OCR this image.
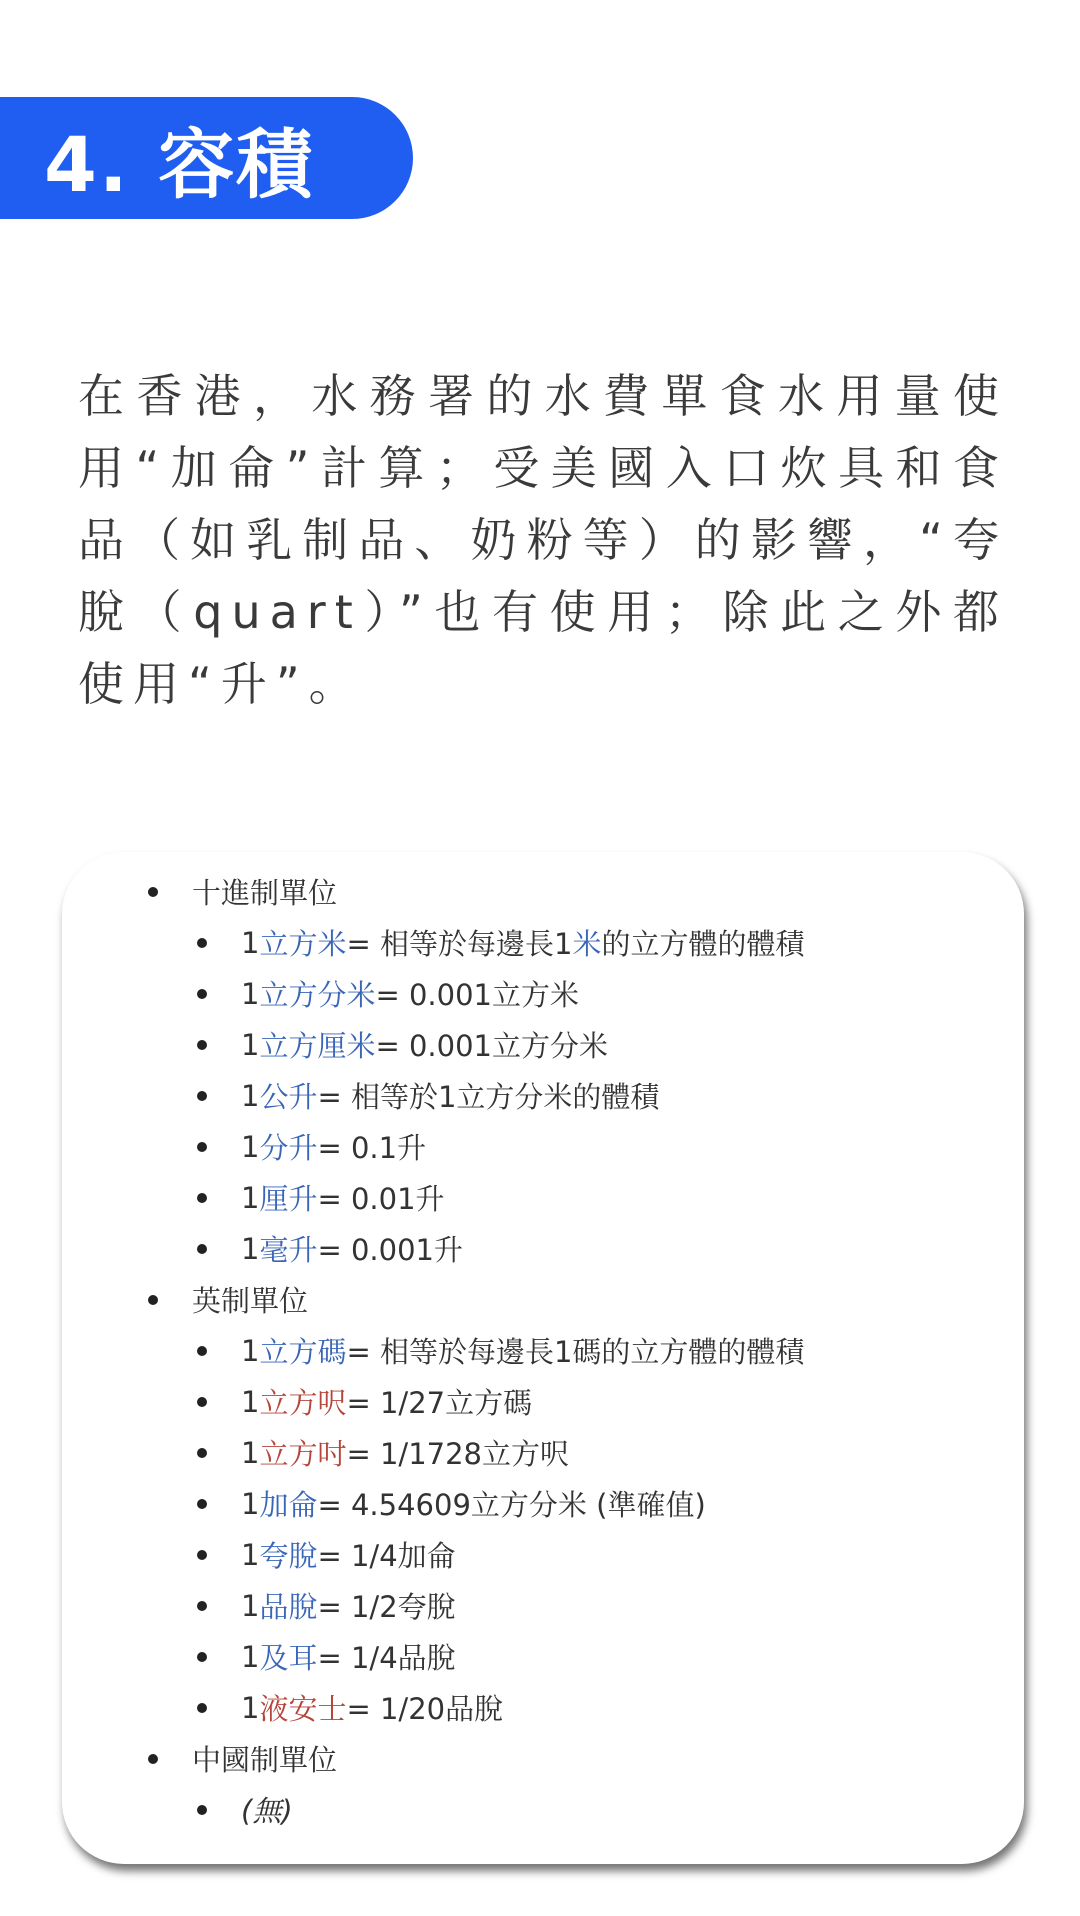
4. 容積

在香港，水務署的水費單食水用量使用“加侖”計算；受美國入口炊具和食品（如乳制品、奶粉等）的影響，“夸脫（quart）”也有使用；除此之外都使用“升”。

十進制單位
1 立方米 = 相等於每邊長1 米 的立方體的體積
1 立方分米 = 0.001立方米
1 立方厘米 = 0.001立方分米
1 公升 = 相等於1立方分米的體積
1 分升 = 0.1升
1 厘升 = 0.01升
1 毫升 = 0.001升
英制單位
1 立方碼 = 相等於每邊長1碼的立方體的體積
1 立方呎 = 1/27立方碼
1 立方吋 = 1/1728立方呎
1 加侖 = 4.54609立方分米 (準確值)
1 夸脫 = 1/4加侖
1 品脫 = 1/2夸脫
1 及耳 = 1/4品脫
1 液安士 = 1/20品脫
中國制單位
(無)
